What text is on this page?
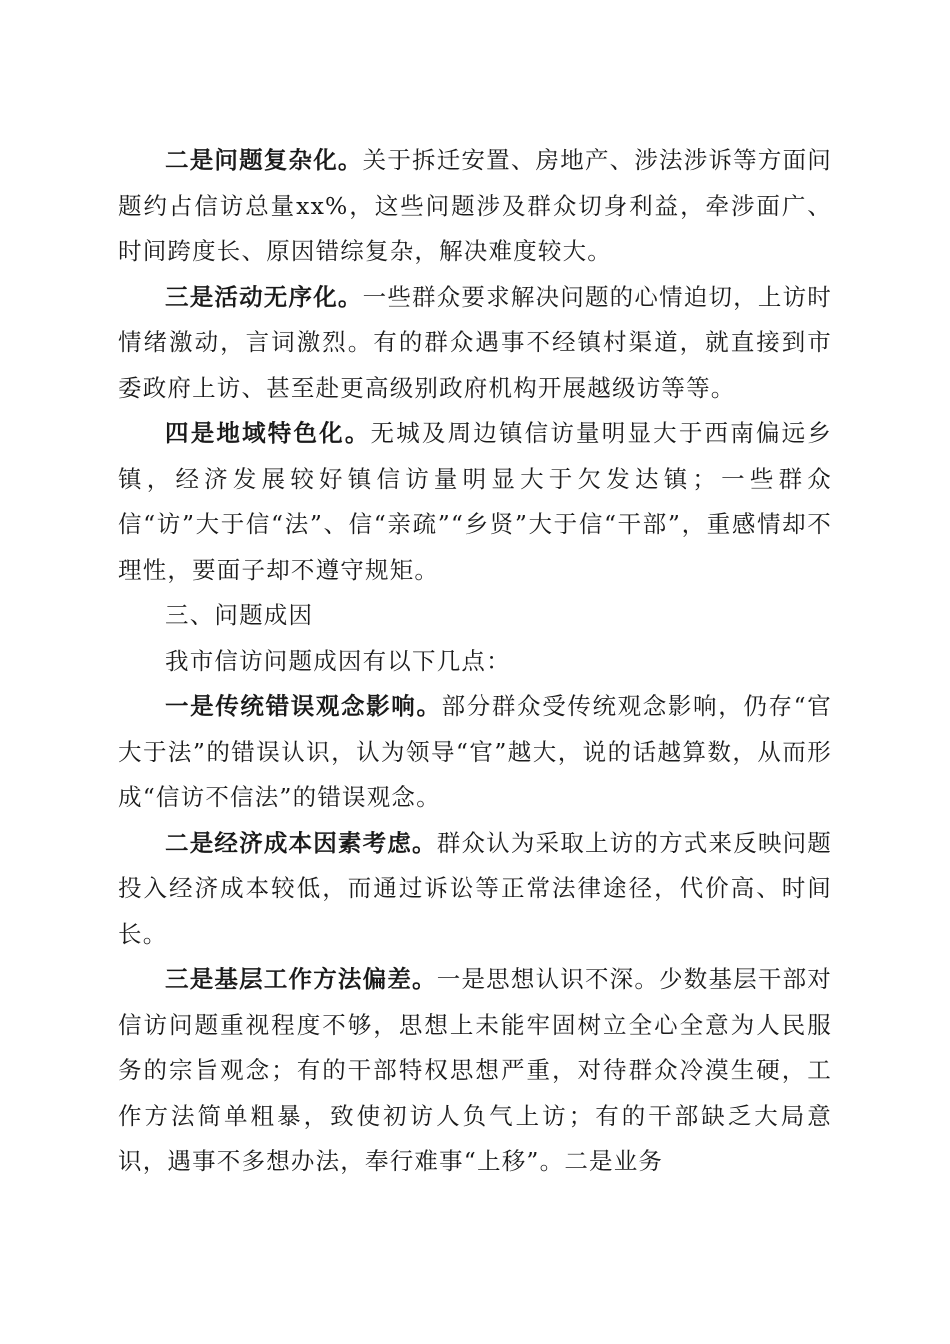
二是问题复杂化。关于拆迁安置、房地产、涉法涉诉等方面问题约占信访总量xx%，这些问题涉及群众切身利益，牵涉面广、时间跨度长、原因错综复杂，解决难度较大。

三是活动无序化。一些群众要求解决问题的心情迫切，上访时情绪激动，言词激烈。有的群众遇事不经镇村渠道，就直接到市委政府上访、甚至赴更高级别政府机构开展越级访等等。

四是地域特色化。无城及周边镇信访量明显大于西南偏远乡镇，经济发展较好镇信访量明显大于欠发达镇；一些群众信“访”大于信“法”、信“亲疏”“乡贤”大于信“干部”，重感情却不理性，要面子却不遵守规矩。

三、问题成因

我市信访问题成因有以下几点：

一是传统错误观念影响。部分群众受传统观念影响，仍存“官大于法”的错误认识，认为领导“官”越大，说的话越算数，从而形成“信访不信法”的错误观念。

二是经济成本因素考虑。群众认为采取上访的方式来反映问题投入经济成本较低，而通过诉讼等正常法律途径，代价高、时间长。

三是基层工作方法偏差。一是思想认识不深。少数基层干部对信访问题重视程度不够，思想上未能牢固树立全心全意为人民服务的宗旨观念；有的干部特权思想严重，对待群众冷漠生硬，工作方法简单粗暴，致使初访人负气上访；有的干部缺乏大局意识，遇事不多想办法，奉行难事“上移”。二是业务
